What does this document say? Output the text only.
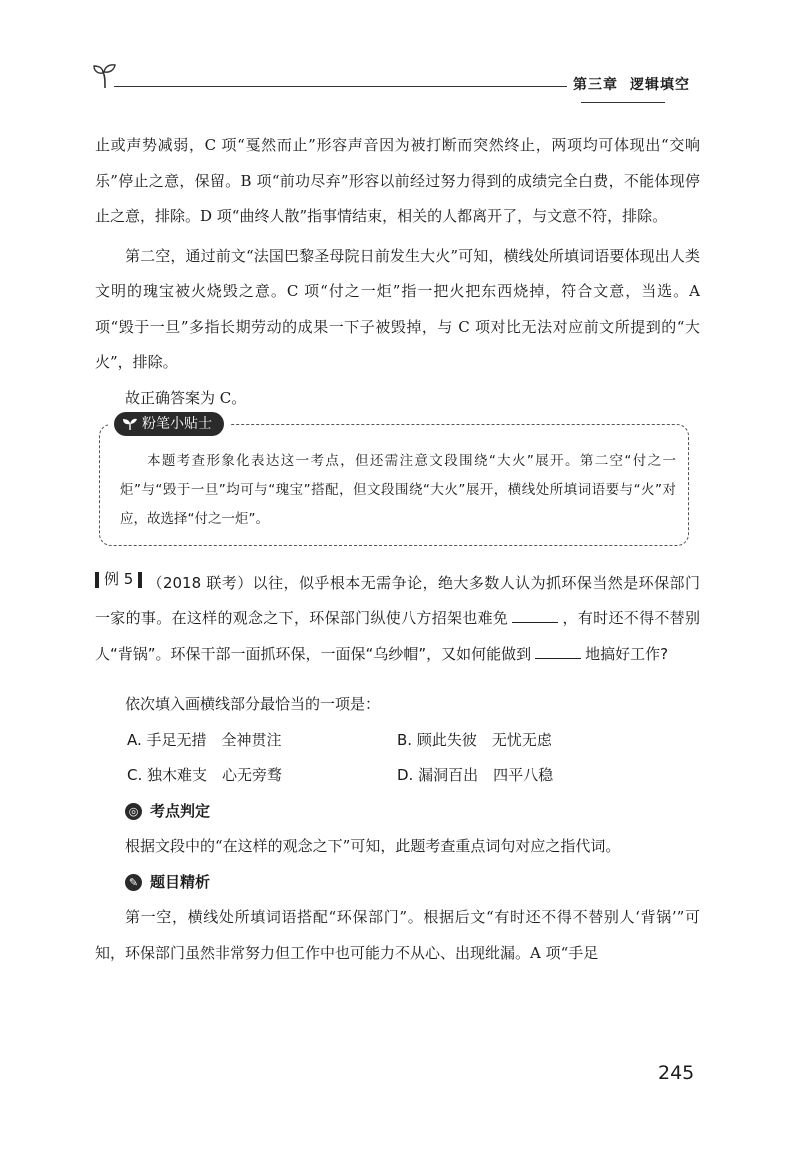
第三章 逻辑填空

止或声势减弱，C 项“戛然而止”形容声音因为被打断而突然终止，两项均可体现出“交响乐”停止之意，保留。B 项“前功尽弃”形容以前经过努力得到的成绩完全白费，不能体现停止之意，排除。D 项“曲终人散”指事情结束，相关的人都离开了，与文意不符，排除。

第二空，通过前文“法国巴黎圣母院日前发生大火”可知，横线处所填词语要体现出人类文明的瑰宝被火烧毁之意。C 项“付之一炬”指一把火把东西烧掉，符合文意，当选。A 项“毁于一旦”多指长期劳动的成果一下子被毁掉，与 C 项对比无法对应前文所提到的“大火”，排除。

故正确答案为 C。

粉笔小贴士
本题考查形象化表达这一考点，但还需注意文段围绕“大火”展开。第二空“付之一炬”与“毁于一旦”均可与“瑰宝”搭配，但文段围绕“大火”展开，横线处所填词语要与“火”对应，故选择“付之一炬”。

例 5 （2018 联考）以往，似乎根本无需争论，绝大多数人认为抓环保当然是环保部门一家的事。在这样的观念之下，环保部门纵使八方招架也难免	，有时还不得不替别人“背锅”。环保干部一面抓环保，一面保“乌纱帽”，又如何能做到	地搞好工作?

依次填入画横线部分最恰当的一项是：

A. 手足无措　全神贯注	B. 顾此失彼　无忧无虑
C. 独木难支　心无旁骛	D. 漏洞百出　四平八稳
◎ 考点判定

根据文段中的“在这样的观念之下”可知，此题考查重点词句对应之指代词。

✎ 题目精析

第一空，横线处所填词语搭配“环保部门”。根据后文“有时还不得不替别人‘背锅’”可知，环保部门虽然非常努力但工作中也可能力不从心、出现纰漏。A 项“手足

245
